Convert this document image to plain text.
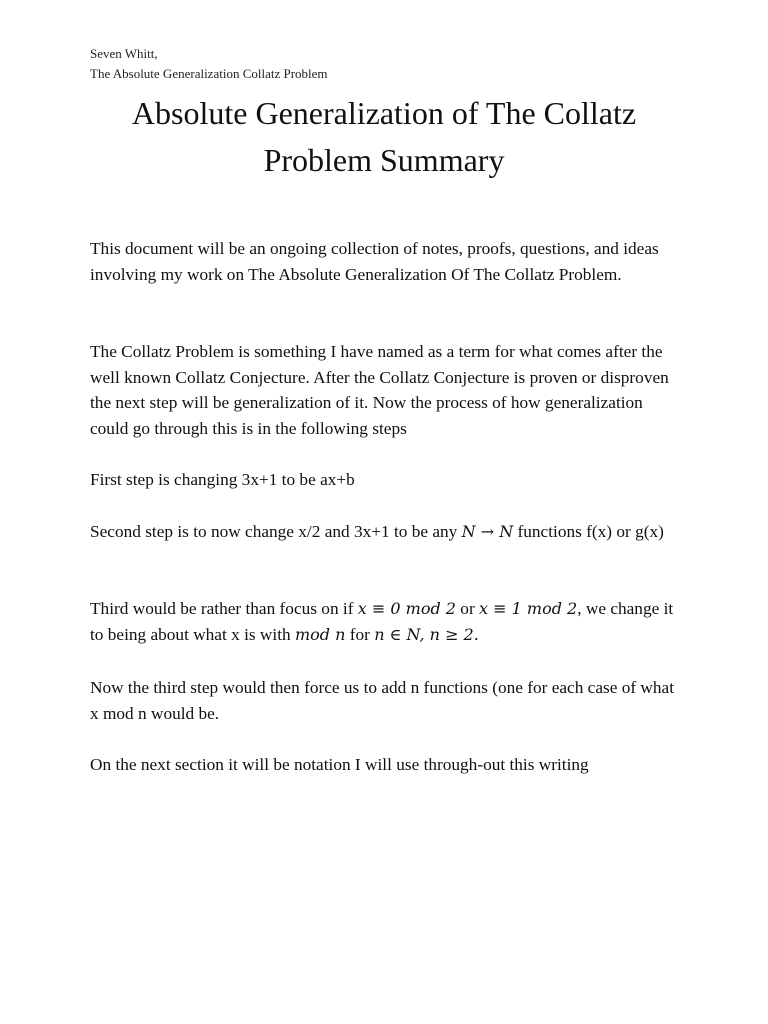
Seven Whitt,
The Absolute Generalization Collatz Problem
Absolute Generalization of The Collatz
Problem Summary

This document will be an ongoing collection of notes, proofs, questions, and ideas involving my work on The Absolute Generalization Of The Collatz Problem.

The Collatz Problem is something I have named as a term for what comes after the well known Collatz Conjecture. After the Collatz Conjecture is proven or disproven the next step will be generalization of it. Now the process of how generalization could go through this is in the following steps

First step is changing 3x+1 to be ax+b

Second step is to now change x/2 and 3x+1 to be any N → N functions f(x) or g(x)

Third would be rather than focus on if x ≡ 0 mod 2 or x ≡ 1 mod 2, we change it to being about what x is with mod n for n ∈ N, n ≥ 2.

Now the third step would then force us to add n functions (one for each case of what x mod n would be.

On the next section it will be notation I will use through-out this writing
